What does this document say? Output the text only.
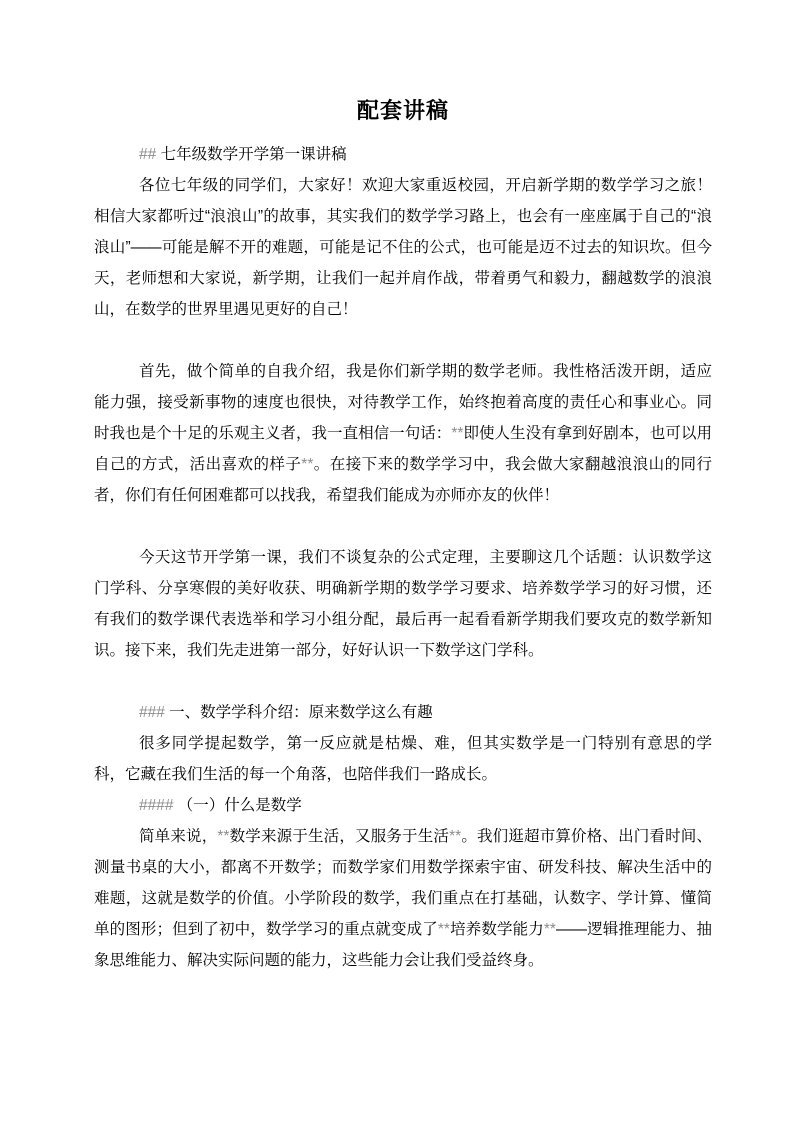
配套讲稿

## 七年级数学开学第一课讲稿

各位七年级的同学们，大家好！欢迎大家重返校园，开启新学期的数学学习之旅！相信大家都听过“浪浪山”的故事，其实我们的数学学习路上，也会有一座座属于自己的“浪浪山”——可能是解不开的难题，可能是记不住的公式，也可能是迈不过去的知识坎。但今天，老师想和大家说，新学期，让我们一起并肩作战，带着勇气和毅力，翻越数学的浪浪山，在数学的世界里遇见更好的自己！

首先，做个简单的自我介绍，我是你们新学期的数学老师。我性格活泼开朗，适应能力强，接受新事物的速度也很快，对待教学工作，始终抱着高度的责任心和事业心。同时我也是个十足的乐观主义者，我一直相信一句话：**即使人生没有拿到好剧本，也可以用自己的方式，活出喜欢的样子**。在接下来的数学学习中，我会做大家翻越浪浪山的同行者，你们有任何困难都可以找我，希望我们能成为亦师亦友的伙伴！

今天这节开学第一课，我们不谈复杂的公式定理，主要聊这几个话题：认识数学这门学科、分享寒假的美好收获、明确新学期的数学学习要求、培养数学学习的好习惯，还有我们的数学课代表选举和学习小组分配，最后再一起看看新学期我们要攻克的数学新知识。接下来，我们先走进第一部分，好好认识一下数学这门学科。

### 一、数学学科介绍：原来数学这么有趣

很多同学提起数学，第一反应就是枯燥、难，但其实数学是一门特别有意思的学科，它藏在我们生活的每一个角落，也陪伴我们一路成长。

#### （一）什么是数学

简单来说，**数学来源于生活，又服务于生活**。我们逛超市算价格、出门看时间、测量书桌的大小，都离不开数学；而数学家们用数学探索宇宙、研发科技、解决生活中的难题，这就是数学的价值。小学阶段的数学，我们重点在打基础，认数字、学计算、懂简单的图形；但到了初中，数学学习的重点就变成了**培养数学能力**——逻辑推理能力、抽象思维能力、解决实际问题的能力，这些能力会让我们受益终身。
